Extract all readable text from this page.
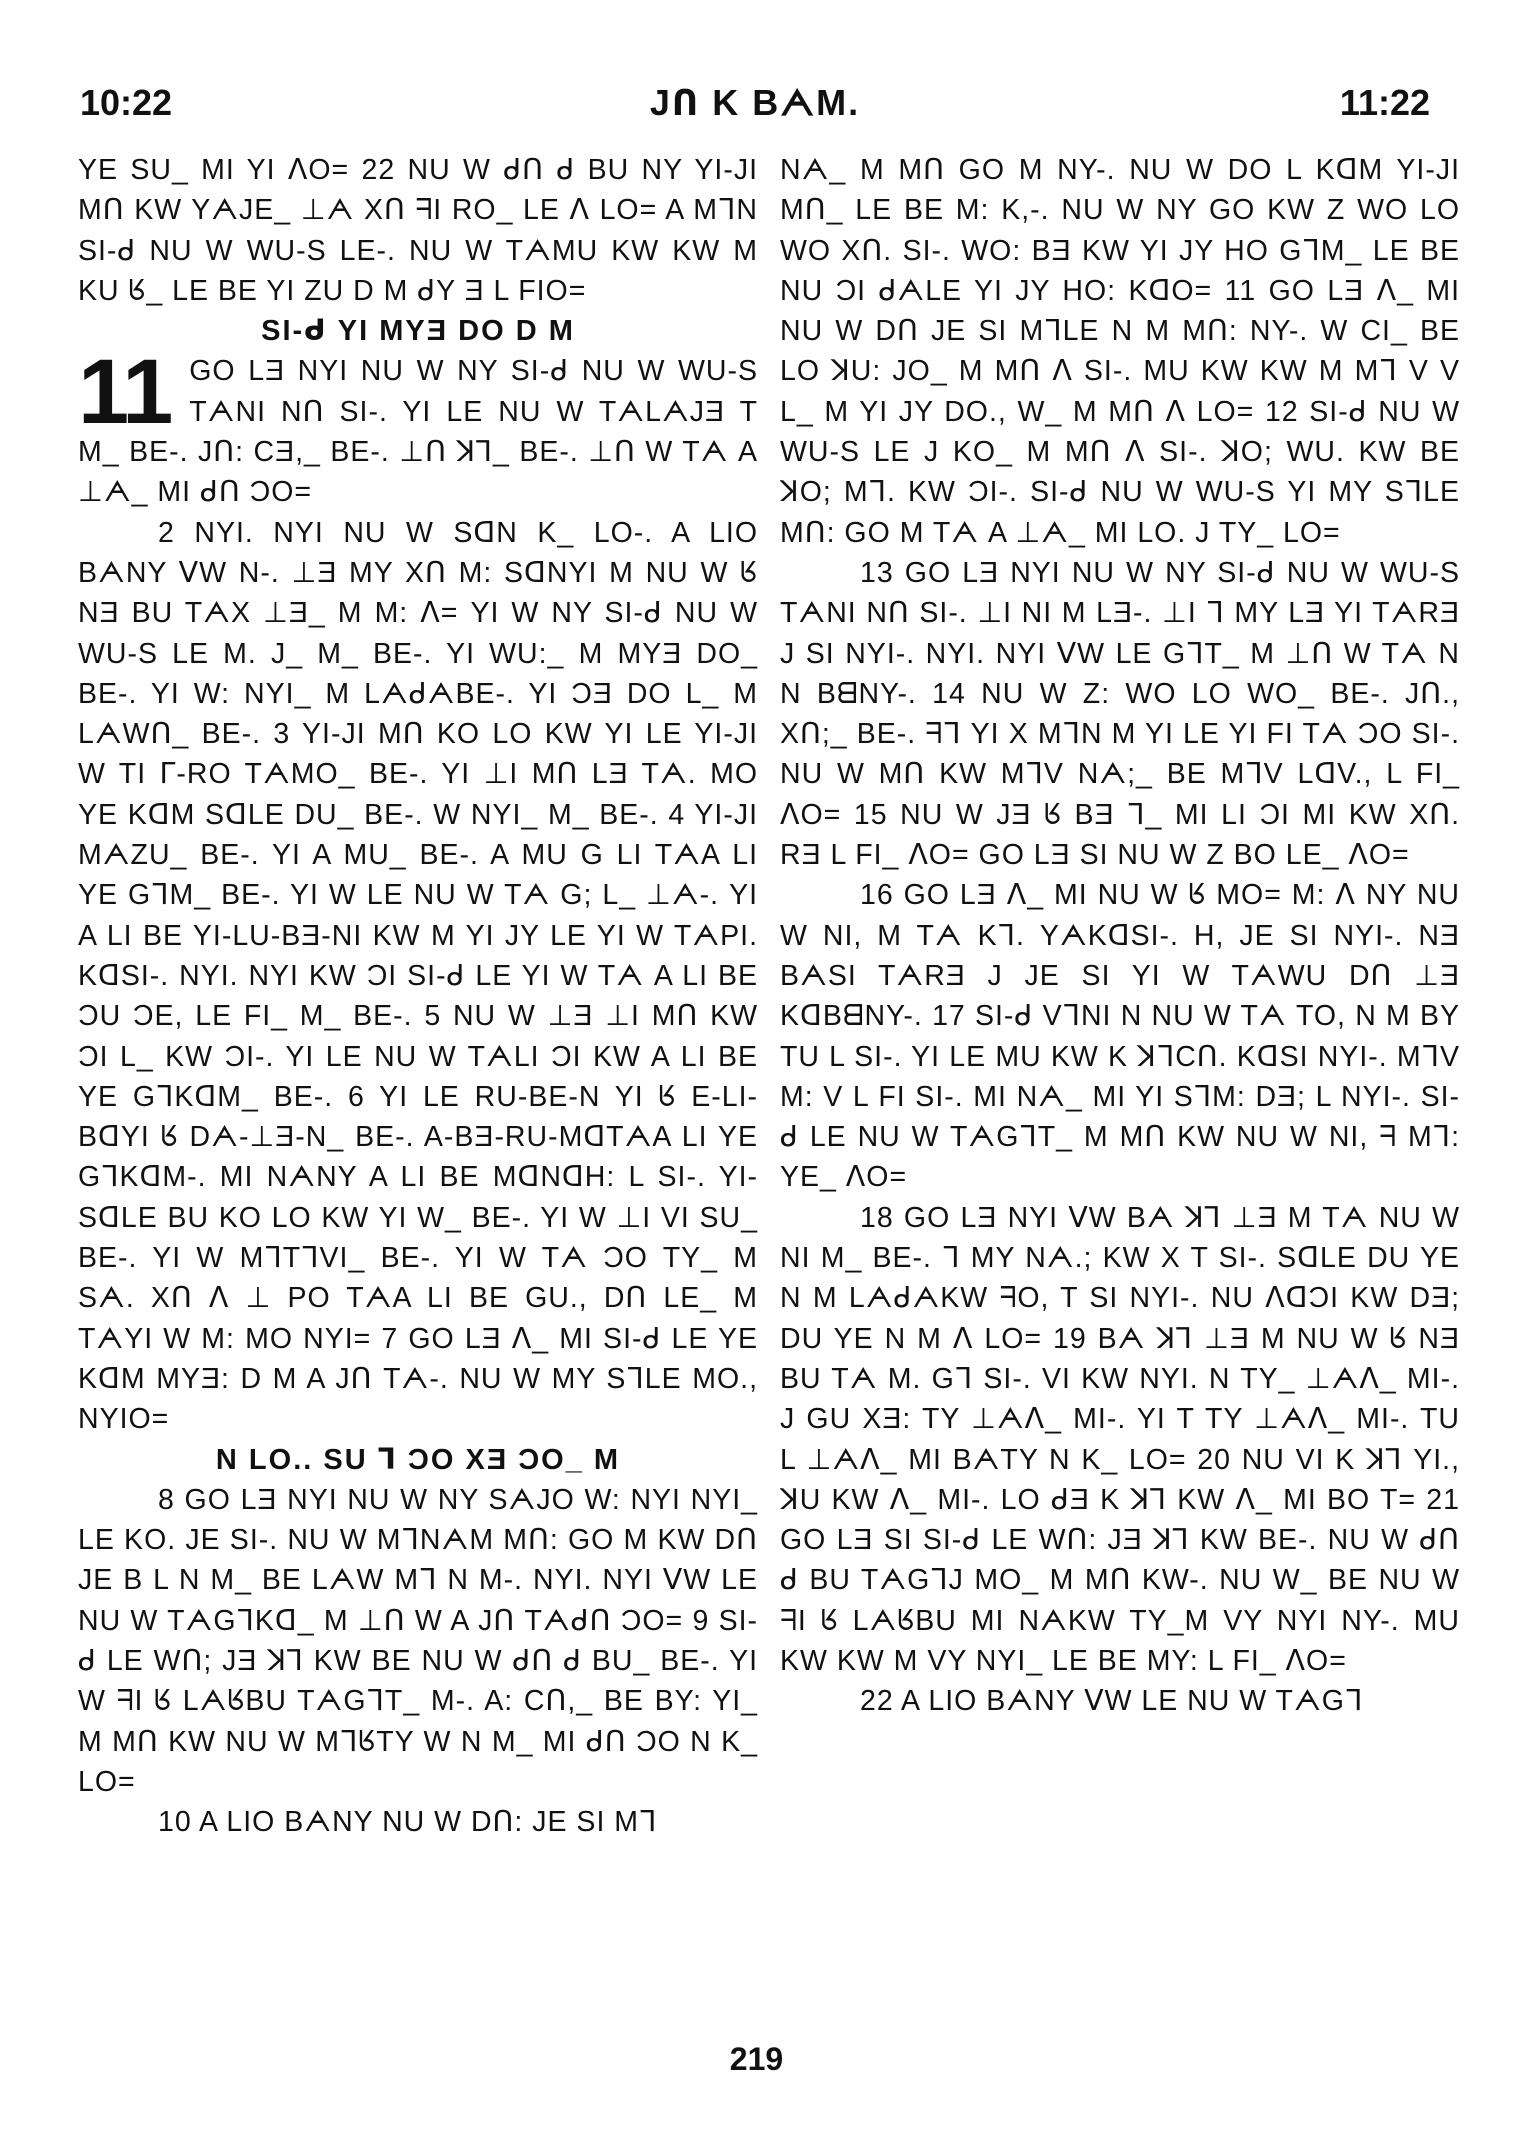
10:22	JՈ K BᗅM.	11:22

YE SU_ MI YI ᐱO= 22 NU W ᑯՈ ᑯ BU NY YI-JI MՈ KW YᗅJE_ ⊥ᗅ XՈ ᖷI RO_ LE ᐱ LO= A MᒣN SI-ᑯ NU W WU-S LE-. NU W TᗅMU KW KW M KU ᖉ_ LE BE YI ZU D M ᑯY Ǝ L FIO=

SI-ᑯ YI MYƎ DO D M

11 GO LƎ NYI NU W NY SI-ᑯ NU W WU-S TᗅNI NՈ SI-. YI LE NU W TᗅLᗅJƎ T M_ BE-. JՈ: CƎ,_ BE-. ⊥Ո ꓘ⅂_ BE-. ⊥Ո W Tᗅ A ⊥ᗅ_ MI ᑯՈ ƆO=

2 NYI. NYI NU W SᗡN K_ LO-. A LIO BᗅNY ᐯW N-. ⊥Ǝ MY XՈ M: SᗡNYI M NU W ᖉ NƎ BU TᗅX ⊥Ǝ_ M M: ᐱ= YI W NY SI-ᑯ NU W WU-S LE M. J_ M_ BE-. YI WU:_ M MYƎ DO_ BE-. YI W: NYI_ M LᗅᑯᗅBE-. YI ƆƎ DO L_ M LᗅWՈ_ BE-. 3 YI-JI MՈ KO LO KW YI LE YI-JI W TI ᒥ-RO TᗅMO_ BE-. YI ⊥I MՈ LƎ Tᗅ. MO YE KᗡM SᗡLE DU_ BE-. W NYI_ M_ BE-. 4 YI-JI MᗅZU_ BE-. YI A MU_ BE-. A MU G LI TᗅA LI YE GᒣM_ BE-. YI W LE NU W Tᗅ G; L_ ⊥ᗅ-. YI A LI BE YI-LU-BƎ-NI KW M YI JY LE YI W TᗅPI. KᗡSI-. NYI. NYI KW ƆI SI-ᑯ LE YI W Tᗅ A LI BE ƆU ƆE, LE FI_ M_ BE-. 5 NU W ⊥Ǝ ⊥I MՈ KW ƆI L_ KW ƆI-. YI LE NU W TᗅLI ƆI KW A LI BE YE GᒣKᗡM_ BE-. 6 YI LE RU-BE-N YI ᖉ E-LI-BᗡYI ᖉ Dᗅ-⊥Ǝ-N_ BE-. A-BƎ-RU-MᗡTᗅA LI YE GᒣKᗡM-. MI NᗅNY A LI BE MᗡNᗡH: L SI-. YI-SᗡLE BU KO LO KW YI W_ BE-. YI W ⊥I VI SU_ BE-. YI W MᒣTᒣVI_ BE-. YI W Tᗅ ƆO TY_ M Sᗅ. XՈ ᐱ ⊥ PO TᗅA LI BE GU., DՈ LE_ M TᗅYI W M: MO NYI= 7 GO LƎ ᐱ_ MI SI-ᑯ LE YE KᗡM MYƎ: D M A JՈ Tᗅ-. NU W MY SᒣLE MO., NYIO=

N LO.. SU ᒣ ƆO XƎ ƆO_ M

8 GO LƎ NYI NU W NY SᗅJO W: NYI NYI_ LE KO. JE SI-. NU W MᒣNᗅM MՈ: GO M KW DՈ JE B L N M_ BE LᗅW Mᒣ N M-. NYI. NYI ᐯW LE NU W TᗅGᒣKᗡ_ M ⊥Ո W A JՈ TᗅᑯՈ ƆO= 9 SI-ᑯ LE WՈ; JƎ ꓘ⅂ KW BE NU W ᑯՈ ᑯ BU_ BE-. YI W ᖷI ᖉ LᗅᖉBU TᗅGᒣT_ M-. A: CՈ,_ BE BY: YI_ M MՈ KW NU W MᒣᖉTY W N M_ MI ᑯՈ ƆO N K_ LO=

10 A LIO BᗅNY NU W DՈ: JE SI Mᒣ

Nᗅ_ M MՈ GO M NY-. NU W DO L KᗡM YI-JI MՈ_ LE BE M: K,-. NU W NY GO KW Z WO LO WO XՈ. SI-. WO: BƎ KW YI JY HO GᒣM_ LE BE NU ƆI ᑯᗅLE YI JY HO: KᗡO= 11 GO LƎ ᐱ_ MI NU W DՈ JE SI MᒣLE N M MՈ: NY-. W CI_ BE LO ꓘU: JO_ M MՈ ᐱ SI-. MU KW KW M Mᒣ V V L_ M YI JY DO., W_ M MՈ ᐱ LO= 12 SI-ᑯ NU W WU-S LE J KO_ M MՈ ᐱ SI-. ꓘO; WU. KW BE ꓘO; Mᒣ. KW ƆI-. SI-ᑯ NU W WU-S YI MY SᒣLE MՈ: GO M Tᗅ A ⊥ᗅ_ MI LO. J TY_ LO=

13 GO LƎ NYI NU W NY SI-ᑯ NU W WU-S TᗅNI NՈ SI-. ⊥I NI M LƎ-. ⊥I ᒣ MY LƎ YI TᗅRƎ J SI NYI-. NYI. NYI ᐯW LE GᒣT_ M ⊥Ո W Tᗅ N N BᗺNY-. 14 NU W Z: WO LO WO_ BE-. JՈ., XՈ;_ BE-. ᖷᒣ YI X MᒣN M YI LE YI FI Tᗅ ƆO SI-. NU W MՈ KW MᒣV Nᗅ;_ BE MᒣV LᗡV., L FI_ ᐱO= 15 NU W JƎ ᖉ BƎ ᒣ_ MI LI ƆI MI KW XՈ. RƎ L FI_ ᐱO= GO LƎ SI NU W Z BO LE_ ᐱO=

16 GO LƎ ᐱ_ MI NU W ᖉ MO= M: ᐱ NY NU W NI, M Tᗅ Kᒣ. YᗅKᗡSI-. H, JE SI NYI-. NƎ BᗅSI TᗅRƎ J JE SI YI W TᗅWU DՈ ⊥Ǝ KᗡBᗺNY-. 17 SI-ᑯ VᒣNI N NU W Tᗅ TO, N M BY TU L SI-. YI LE MU KW K ꓘᒣCՈ. KᗡSI NYI-. MᒣV M: V L FI SI-. MI Nᗅ_ MI YI SᒣM: DƎ; L NYI-. SI-ᑯ LE NU W TᗅGᒣT_ M MՈ KW NU W NI, ᖷ Mᒣ: YE_ ᐱO=

18 GO LƎ NYI ᐯW Bᗅ ꓘ⅂ ⊥Ǝ M Tᗅ NU W NI M_ BE-. ᒣ MY Nᗅ.; KW X T SI-. SᗡLE DU YE N M LᗅᑯᗅKW ᖷO, T SI NYI-. NU ᐱᗡƆI KW DƎ; DU YE N M ᐱ LO= 19 Bᗅ ꓘ⅂ ⊥Ǝ M NU W ᖉ NƎ BU Tᗅ M. Gᒣ SI-. VI KW NYI. N TY_ ⊥ᗅᐱ_ MI-. J GU XƎ: TY ⊥ᗅᐱ_ MI-. YI T TY ⊥ᗅᐱ_ MI-. TU L ⊥ᗅᐱ_ MI BᗅTY N K_ LO= 20 NU VI K ꓘ⅂ YI., ꓘU KW ᐱ_ MI-. LO ᑯƎ K ꓘ⅂ KW ᐱ_ MI BO T= 21 GO LƎ SI SI-ᑯ LE WՈ: JƎ ꓘ⅂ KW BE-. NU W ᑯՈ ᑯ BU TᗅGᒣJ MO_ M MՈ KW-. NU W_ BE NU W ᖷI ᖉ LᗅᖉBU MI NᗅKW TY_M VY NYI NY-. MU KW KW M VY NYI_ LE BE MY: L FI_ ᐱO=

22 A LIO BᗅNY ᐯW LE NU W TᗅGᒣ

219
